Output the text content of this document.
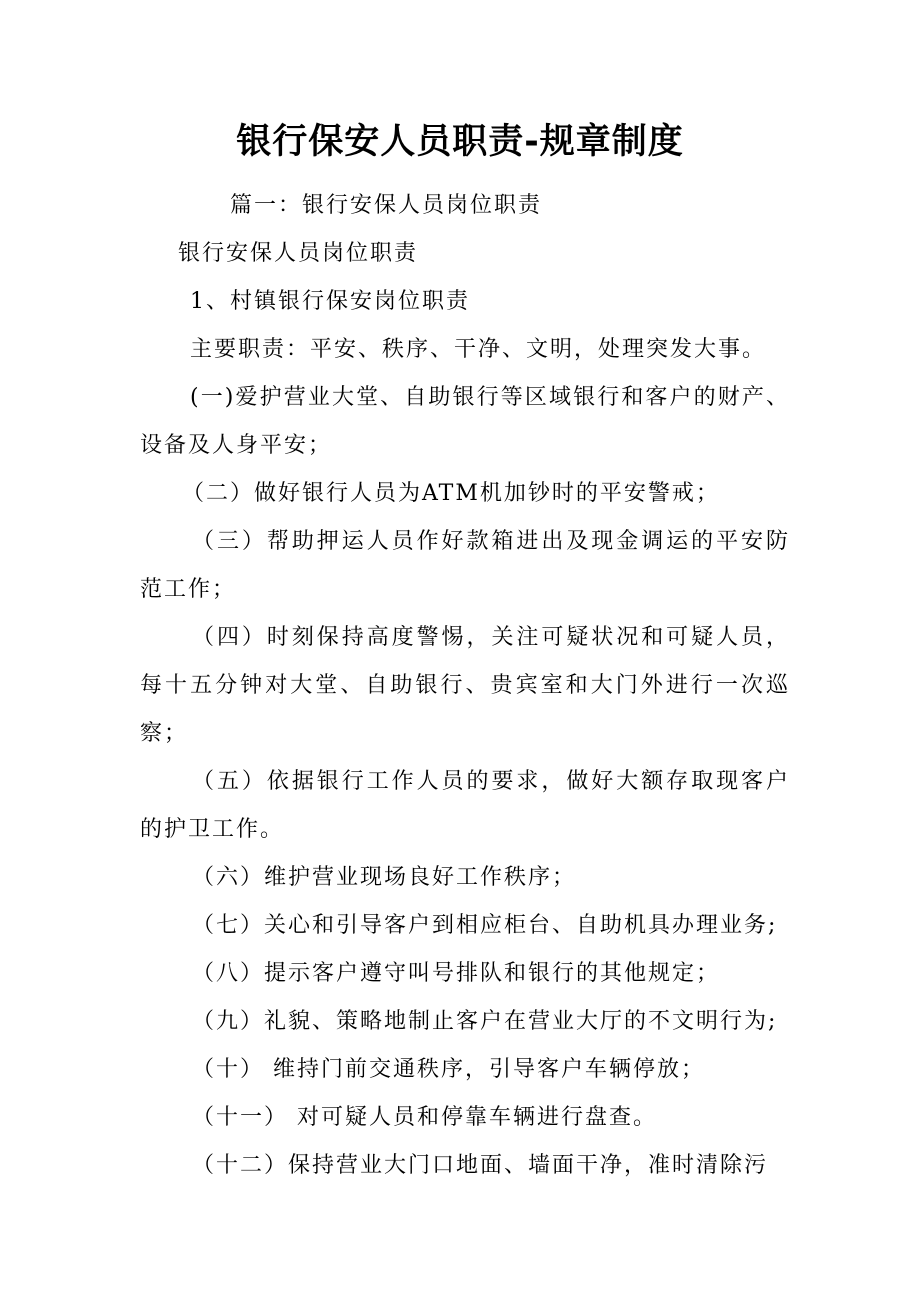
银行保安人员职责-规章制度

篇一：银行安保人员岗位职责

银行安保人员岗位职责

1、村镇银行保安岗位职责

主要职责：平安、秩序、干净、文明，处理突发大事。

(一)爱护营业大堂、自助银行等区域银行和客户的财产、设备及人身平安；

（二）做好银行人员为ATM机加钞时的平安警戒；

（三）帮助押运人员作好款箱进出及现金调运的平安防范工作；

（四）时刻保持高度警惕，关注可疑状况和可疑人员，每十五分钟对大堂、自助银行、贵宾室和大门外进行一次巡察；

（五）依据银行工作人员的要求，做好大额存取现客户的护卫工作。

（六）维护营业现场良好工作秩序；

（七）关心和引导客户到相应柜台、自助机具办理业务;

（八）提示客户遵守叫号排队和银行的其他规定；

（九）礼貌、策略地制止客户在营业大厅的不文明行为;

（十） 维持门前交通秩序，引导客户车辆停放；

（十一） 对可疑人员和停靠车辆进行盘查。

（十二）保持营业大门口地面、墙面干净，准时清除污
